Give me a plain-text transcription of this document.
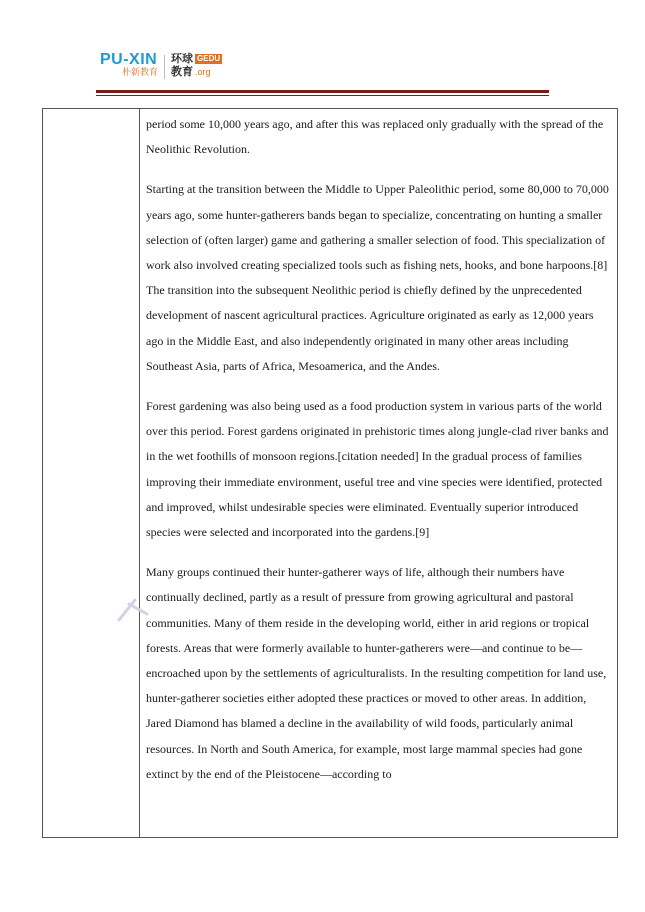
PU-XIN
朴新教育
环球 GEDU
教育 .org

period some 10,000 years ago, and after this was replaced only gradually with the spread of the Neolithic Revolution.

Starting at the transition between the Middle to Upper Paleolithic period, some 80,000 to 70,000 years ago, some hunter-gatherers bands began to specialize, concentrating on hunting a smaller selection of (often larger) game and gathering a smaller selection of food. This specialization of work also involved creating specialized tools such as fishing nets, hooks, and bone harpoons.[8] The transition into the subsequent Neolithic period is chiefly defined by the unprecedented development of nascent agricultural practices. Agriculture originated as early as 12,000 years ago in the Middle East, and also independently originated in many other areas including Southeast Asia, parts of Africa, Mesoamerica, and the Andes.

Forest gardening was also being used as a food production system in various parts of the world over this period. Forest gardens originated in prehistoric times along jungle-clad river banks and in the wet foothills of monsoon regions.[citation needed] In the gradual process of families improving their immediate environment, useful tree and vine species were identified, protected and improved, whilst undesirable species were eliminated. Eventually superior introduced species were selected and incorporated into the gardens.[9]

Many groups continued their hunter-gatherer ways of life, although their numbers have continually declined, partly as a result of pressure from growing agricultural and pastoral communities. Many of them reside in the developing world, either in arid regions or tropical forests. Areas that were formerly available to hunter-gatherers were—and continue to be—encroached upon by the settlements of agriculturalists. In the resulting competition for land use, hunter-gatherer societies either adopted these practices or moved to other areas. In addition, Jared Diamond has blamed a decline in the availability of wild foods, particularly animal resources. In North and South America, for example, most large mammal species had gone extinct by the end of the Pleistocene—according to
